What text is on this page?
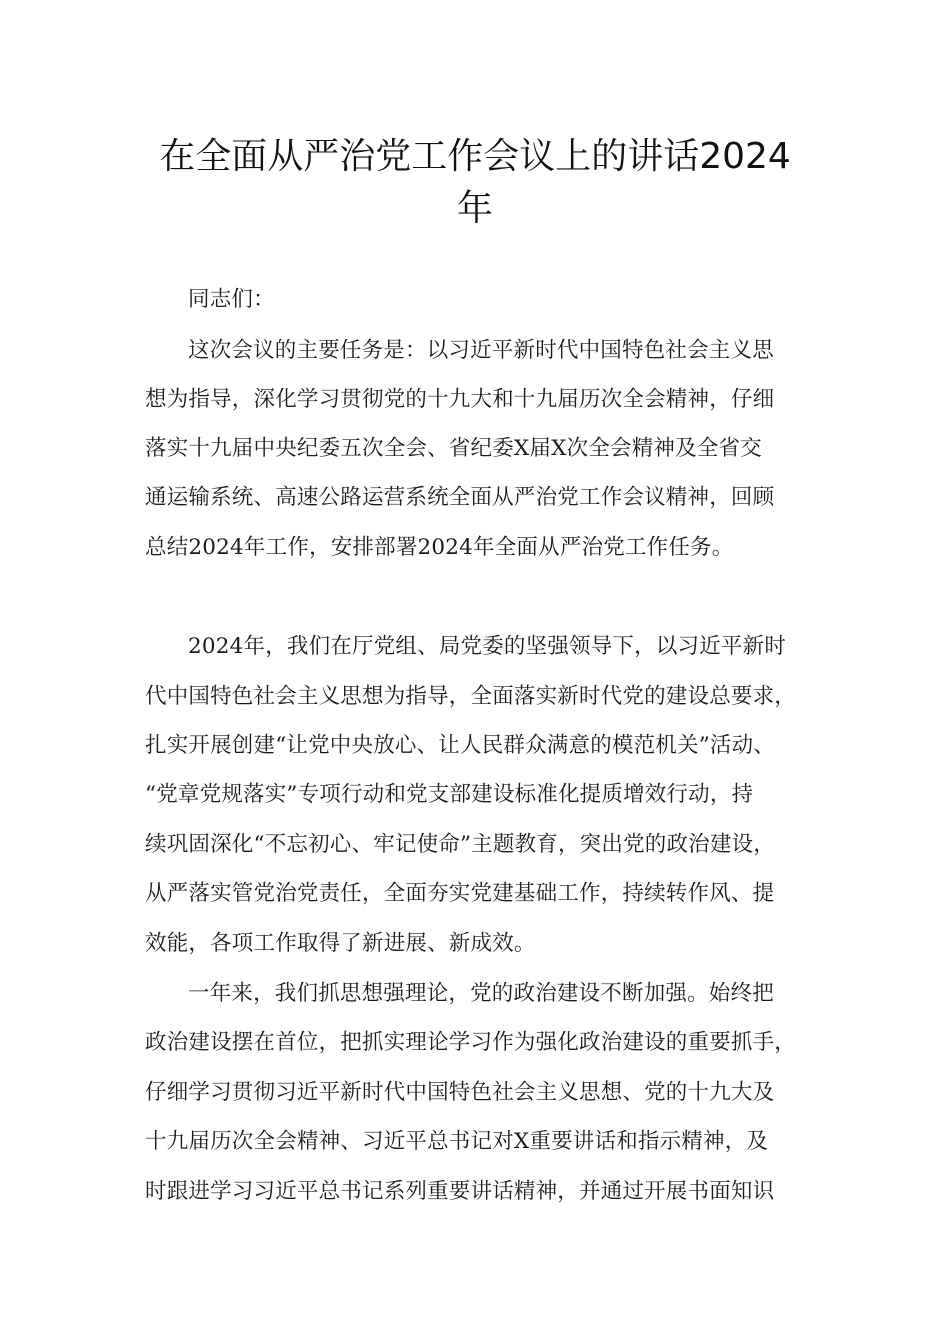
在全面从严治党工作会议上的讲话2024
年
同志们：
这次会议的主要任务是：以习近平新时代中国特色社会主义思
想为指导，深化学习贯彻党的十九大和十九届历次全会精神，仔细
落实十九届中央纪委五次全会、省纪委X届X次全会精神及全省交
通运输系统、高速公路运营系统全面从严治党工作会议精神，回顾
总结2024年工作，安排部署2024年全面从严治党工作任务。
2024年，我们在厅党组、局党委的坚强领导下，以习近平新时
代中国特色社会主义思想为指导，全面落实新时代党的建设总要求，
扎实开展创建“让党中央放心、让人民群众满意的模范机关”活动、
“党章党规落实”专项行动和党支部建设标准化提质增效行动，持
续巩固深化“不忘初心、牢记使命”主题教育，突出党的政治建设，
从严落实管党治党责任，全面夯实党建基础工作，持续转作风、提
效能，各项工作取得了新进展、新成效。
一年来，我们抓思想强理论，党的政治建设不断加强。始终把
政治建设摆在首位，把抓实理论学习作为强化政治建设的重要抓手，
仔细学习贯彻习近平新时代中国特色社会主义思想、党的十九大及
十九届历次全会精神、习近平总书记对X重要讲话和指示精神，及
时跟进学习习近平总书记系列重要讲话精神，并通过开展书面知识
